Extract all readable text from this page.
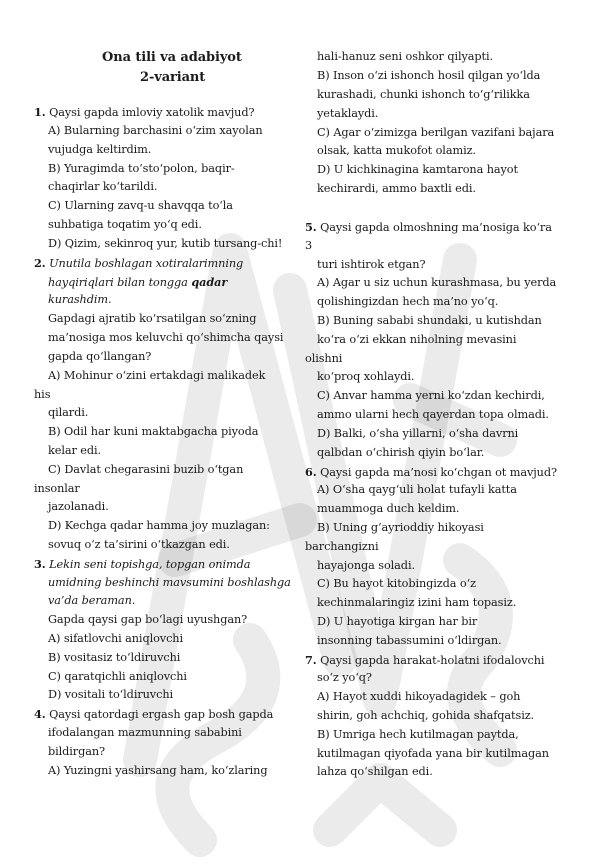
Ona tili va adabiyot
2-variant
1. Qaysi gapda imloviy xatolik mavjud?
A) Bularning barchasini o‘zim xayolan
vujudga keltirdim.
B) Yuragimda to‘sto‘polon, baqir-
chaqirlar ko‘tarildi.
C) Ularning zavq-u shavqqa to‘la
suhbatiga toqatim yo‘q edi.
D) Qizim, sekinroq yur, kutib tursang-chi!
2. Unutila boshlagan xotiralarimning
hayqiriqlari bilan tongga qadar
kurashdim.
Gapdagi ajratib ko‘rsatilgan so‘zning
ma’nosiga mos keluvchi qo‘shimcha qaysi
gapda qo‘llangan?
A) Mohinur o‘zini ertakdagi malikadek
his
qilardi.
B) Odil har kuni maktabgacha piyoda
kelar edi.
C) Davlat chegarasini buzib o‘tgan
insonlar
jazolanadi.
D) Kechga qadar hamma joy muzlagan:
sovuq o‘z ta’sirini o‘tkazgan edi.
3. Lekin seni topishga, topgan onimda
umidning beshinchi mavsumini boshlashga
va’da beraman.
Gapda qaysi gap bo‘lagi uyushgan?
A) sifatlovchi aniqlovchi
B) vositasiz to‘ldiruvchi
C) qaratqichli aniqlovchi
D) vositali to‘ldiruvchi
4. Qaysi qatordagi ergash gap bosh gapda
ifodalangan mazmunning sababini
bildirgan?
A) Yuzingni yashirsang ham, ko‘zlaring
hali-hanuz seni oshkor qilyapti.
B) Inson o‘zi ishonch hosil qilgan yo‘lda
kurashadi, chunki ishonch to‘g‘rilikka
yetaklaydi.
C) Agar o‘zimizga berilgan vazifani bajara
olsak, katta mukofot olamiz.
D) U kichkinagina kamtarona hayot
kechirardi, ammo baxtli edi.
5. Qaysi gapda olmoshning ma’nosiga ko‘ra
3
turi ishtirok etgan?
A) Agar u siz uchun kurashmasa, bu yerda
qolishingizdan hech ma’no yo‘q.
B) Buning sababi shundaki, u kutishdan
ko‘ra o‘zi ekkan niholning mevasini
olishni
ko‘proq xohlaydi.
C) Anvar hamma yerni ko‘zdan kechirdi,
ammo ularni hech qayerdan topa olmadi.
D) Balki, o‘sha yillarni, o‘sha davrni
qalbdan o‘chirish qiyin bo‘lar.
6. Qaysi gapda ma’nosi ko‘chgan ot mavjud?
A) O‘sha qayg‘uli holat tufayli katta
muammoga duch keldim.
B) Uning g‘ayrioddiy hikoyasi
barchangizni
hayajonga soladi.
C) Bu hayot kitobingizda o‘z
kechinmalaringiz izini ham topasiz.
D) U hayotiga kirgan har bir
insonning tabassumini o‘ldirgan.
7. Qaysi gapda harakat-holatni ifodalovchi
so‘z yo‘q?
A) Hayot xuddi hikoyadagidek – goh
shirin, goh achchiq, gohida shafqatsiz.
B) Umriga hech kutilmagan paytda,
kutilmagan qiyofada yana bir kutilmagan
lahza qo‘shilgan edi.
